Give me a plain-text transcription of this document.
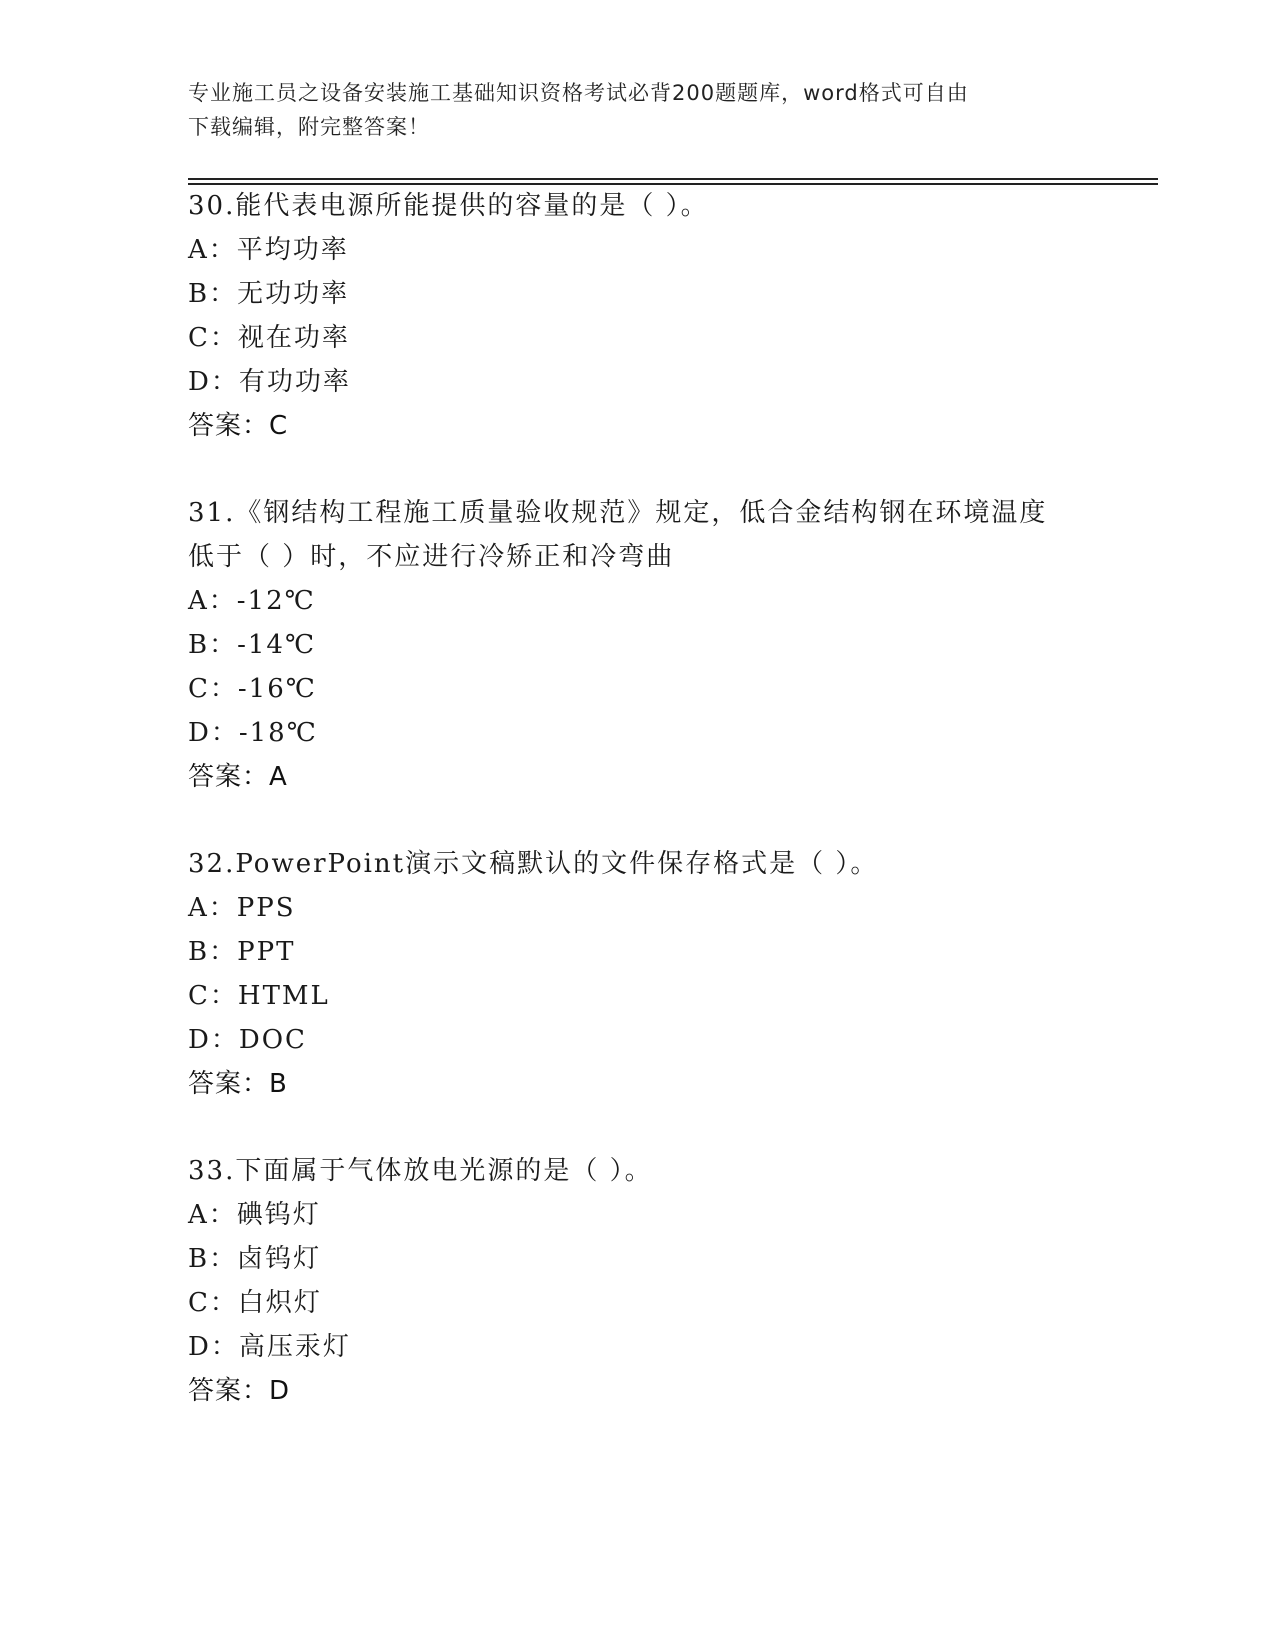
专业施工员之设备安装施工基础知识资格考试必背200题题库，word格式可自由
下载编辑，附完整答案！
30.能代表电源所能提供的容量的是（ ）。
A：平均功率
B：无功功率
C：视在功率
D：有功功率
答案：C
31.《钢结构工程施工质量验收规范》规定，低合金结构钢在环境温度
低于（ ）时，不应进行冷矫正和冷弯曲
A：-12℃
B：-14℃
C：-16℃
D：-18℃
答案：A
32.PowerPoint演示文稿默认的文件保存格式是（ ）。
A：PPS
B：PPT
C：HTML
D：DOC
答案：B
33.下面属于气体放电光源的是（ ）。
A：碘钨灯
B：卤钨灯
C：白炽灯
D：高压汞灯
答案：D
